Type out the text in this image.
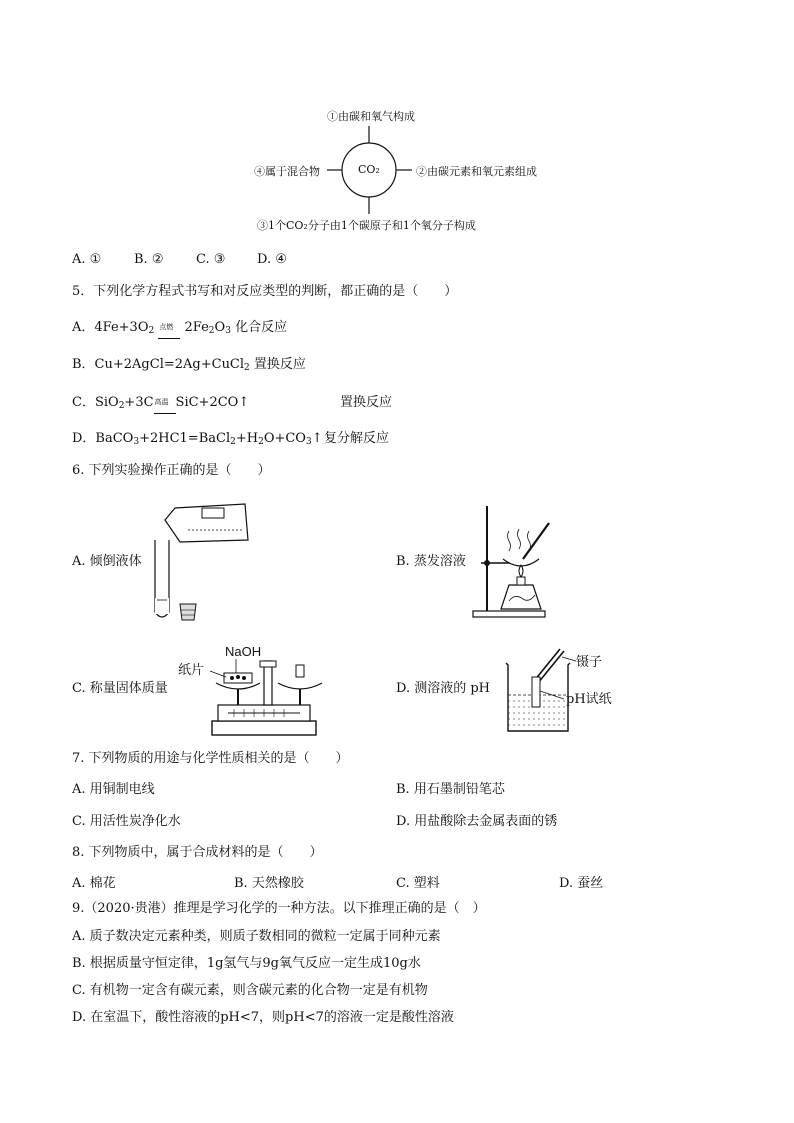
CO₂
①由碳和氧气构成
②由碳元素和氧元素组成
③1个CO₂分子由1个碳原子和1个氧分子构成
④属于混合物
A. ①	B. ②	C. ③ D. ④
5．下列化学方程式书写和对反应类型的判断，都正确的是（　　）
A．$4Fe+3O_2$ 点燃 $2Fe_2O_3$ 化合反应
B．Cu+2AgCl=2Ag+CuCl$_2$ 置换反应
C．SiO$_2$+3C 高温 SiC+2CO↑	置换反应
D．$BaCO_3+2HC1=BaCl_2+H_2O+CO_3↑$ 复分解反应
6. 下列实验操作正确的是（　　）
A. 倾倒液体	B. 蒸发溶液
C. 称量固体质量
NaOH
纸片
D. 测溶液的 pH
镊子
pH试纸
7. 下列物质的用途与化学性质相关的是（　　）
A. 用铜制电线	B. 用石墨制铅笔芯
C. 用活性炭净化水	D. 用盐酸除去金属表面的锈
8. 下列物质中，属于合成材料的是（　　）
A. 棉花	B. 天然橡胶	C. 塑料	D. 蚕丝
9.（2020·贵港）推理是学习化学的一种方法。以下推理正确的是（　）
A. 质子数决定元素种类，则质子数相同的微粒一定属于同种元素
B. 根据质量守恒定律，1g氢气与9g氧气反应一定生成10g水
C. 有机物一定含有碳元素，则含碳元素的化合物一定是有机物
D. 在室温下，酸性溶液的pH<7，则pH<7的溶液一定是酸性溶液
